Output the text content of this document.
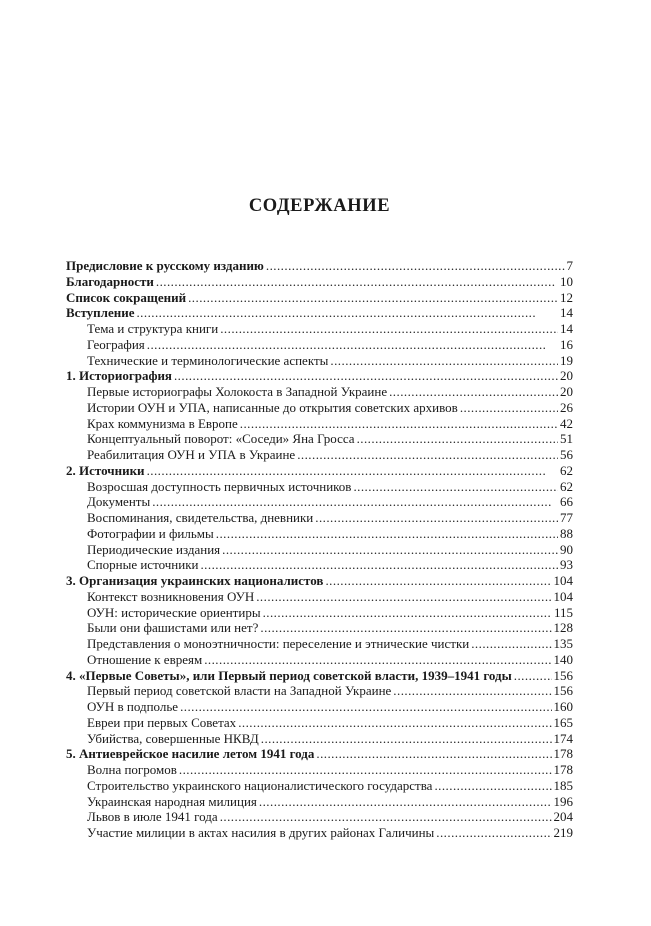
СОДЕРЖАНИЕ
Предисловие к русскому изданию . . .	7
Благодарности . . .	10
Список сокращений . . .	12
Вступление . . .	14
Тема и структура книги . . .	14
География . . .	16
Технические и терминологические аспекты . . .	19
1. Историография . . .	20
Первые историографы Холокоста в Западной Украине . . .	20
Истории ОУН и УПА, написанные до открытия советских архивов . . .	26
Крах коммунизма в Европе . . .	42
Концептуальный поворот: «Соседи» Яна Гросса . . .	51
Реабилитация ОУН и УПА в Украине . . .	56
2. Источники . . .	62
Возросшая доступность первичных источников . . .	62
Документы . . .	66
Воспоминания, свидетельства, дневники . . .	77
Фотографии и фильмы . . .	88
Периодические издания . . .	90
Спорные источники . . .	93
3. Организация украинских националистов . . .	104
Контекст возникновения ОУН . . .	104
ОУН: исторические ориентиры . . .	115
Были они фашистами или нет? . . .	128
Представления о моноэтничности: переселение и этнические чистки . . .	135
Отношение к евреям . . .	140
4. «Первые Советы», или Первый период советской власти, 1939–1941 годы . . .	156
Первый период советской власти на Западной Украине . . .	156
ОУН в подполье . . .	160
Евреи при первых Советах . . .	165
Убийства, совершенные НКВД . . .	174
5. Антиеврейское насилие летом 1941 года . . .	178
Волна погромов . . .	178
Строительство украинского националистического государства . . .	185
Украинская народная милиция . . .	196
Львов в июле 1941 года . . .	204
Участие милиции в актах насилия в других районах Галичины . . .	219
